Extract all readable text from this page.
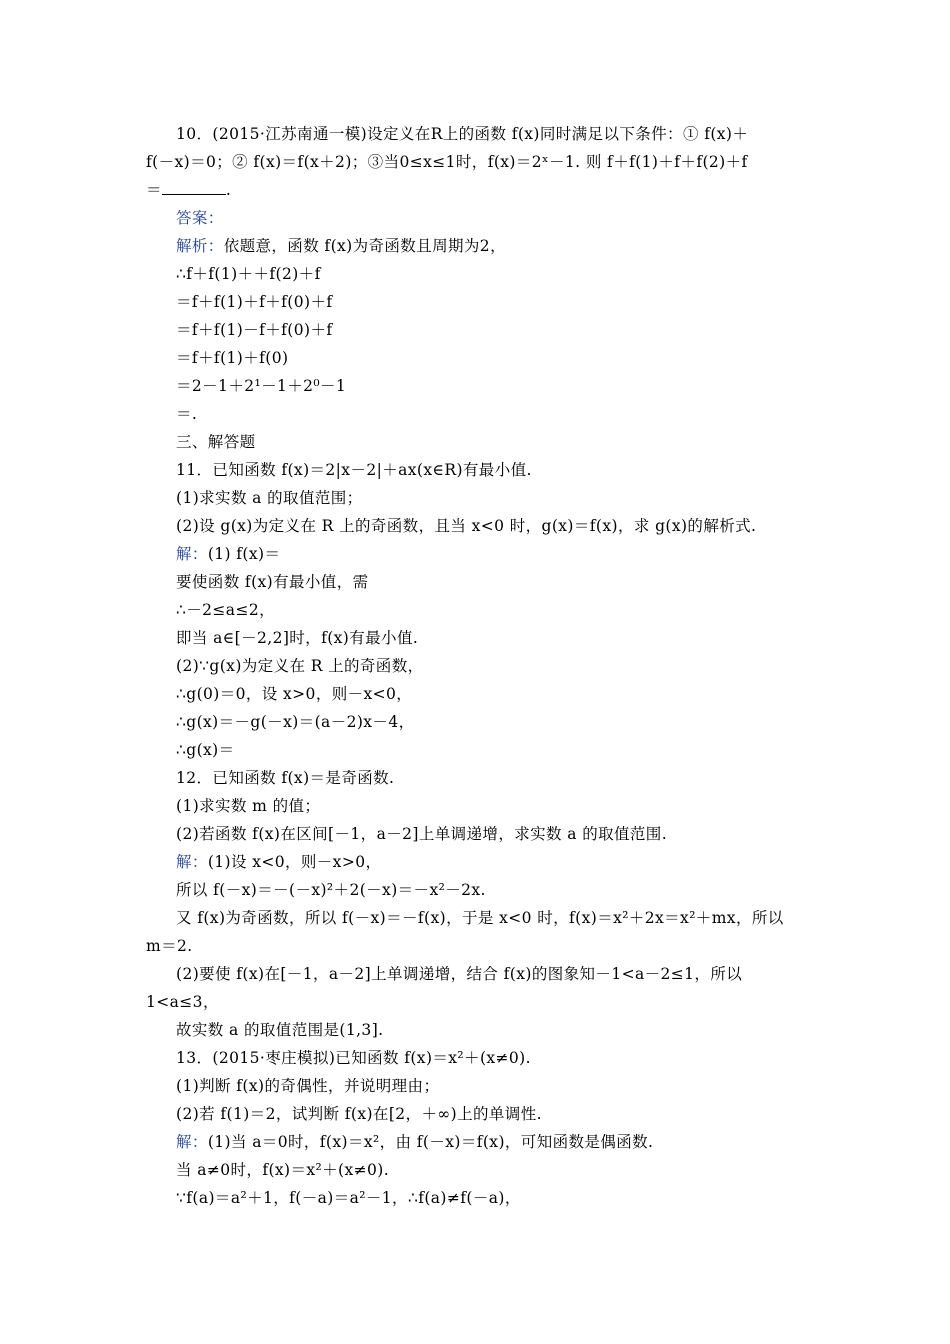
10．(2015·江苏南通一模)设定义在R上的函数 f(x)同时满足以下条件：① f(x)＋
f(－x)＝0；② f(x)＝f(x＋2)；③当0≤x≤1时，f(x)＝2ˣ－1. 则 f＋f(1)＋f＋f(2)＋f
＝	.
答案：
解析：依题意，函数 f(x)为奇函数且周期为2，
∴f＋f(1)＋＋f(2)＋f
＝f＋f(1)＋f＋f(0)＋f
＝f＋f(1)－f＋f(0)＋f
＝f＋f(1)＋f(0)
＝2－1＋2¹－1＋2⁰－1
＝.
三、解答题
11．已知函数 f(x)＝2|x－2|＋ax(x∈R)有最小值.
(1)求实数 a 的取值范围；
(2)设 g(x)为定义在 R 上的奇函数，且当 x<0 时，g(x)＝f(x)，求 g(x)的解析式.
解：(1) f(x)＝
要使函数 f(x)有最小值，需
∴－2≤a≤2，
即当 a∈[－2,2]时，f(x)有最小值.
(2)∵g(x)为定义在 R 上的奇函数，
∴g(0)＝0，设 x>0，则－x<0，
∴g(x)＝－g(－x)＝(a－2)x－4，
∴g(x)＝
12．已知函数 f(x)＝是奇函数.
(1)求实数 m 的值；
(2)若函数 f(x)在区间[－1，a－2]上单调递增，求实数 a 的取值范围.
解：(1)设 x<0，则－x>0，
所以 f(－x)＝－(－x)²＋2(－x)＝－x²－2x.
又 f(x)为奇函数，所以 f(－x)＝－f(x)，于是 x<0 时，f(x)＝x²＋2x＝x²＋mx，所以
m＝2.
(2)要使 f(x)在[－1，a－2]上单调递增，结合 f(x)的图象知－1<a－2≤1，所以
1<a≤3，
故实数 a 的取值范围是(1,3].
13．(2015·枣庄模拟)已知函数 f(x)＝x²＋(x≠0).
(1)判断 f(x)的奇偶性，并说明理由；
(2)若 f(1)＝2，试判断 f(x)在[2，＋∞)上的单调性.
解：(1)当 a＝0时，f(x)＝x²，由 f(－x)＝f(x)，可知函数是偶函数.
当 a≠0时，f(x)＝x²＋(x≠0).
∵f(a)＝a²＋1，f(－a)＝a²－1，∴f(a)≠f(－a)，
